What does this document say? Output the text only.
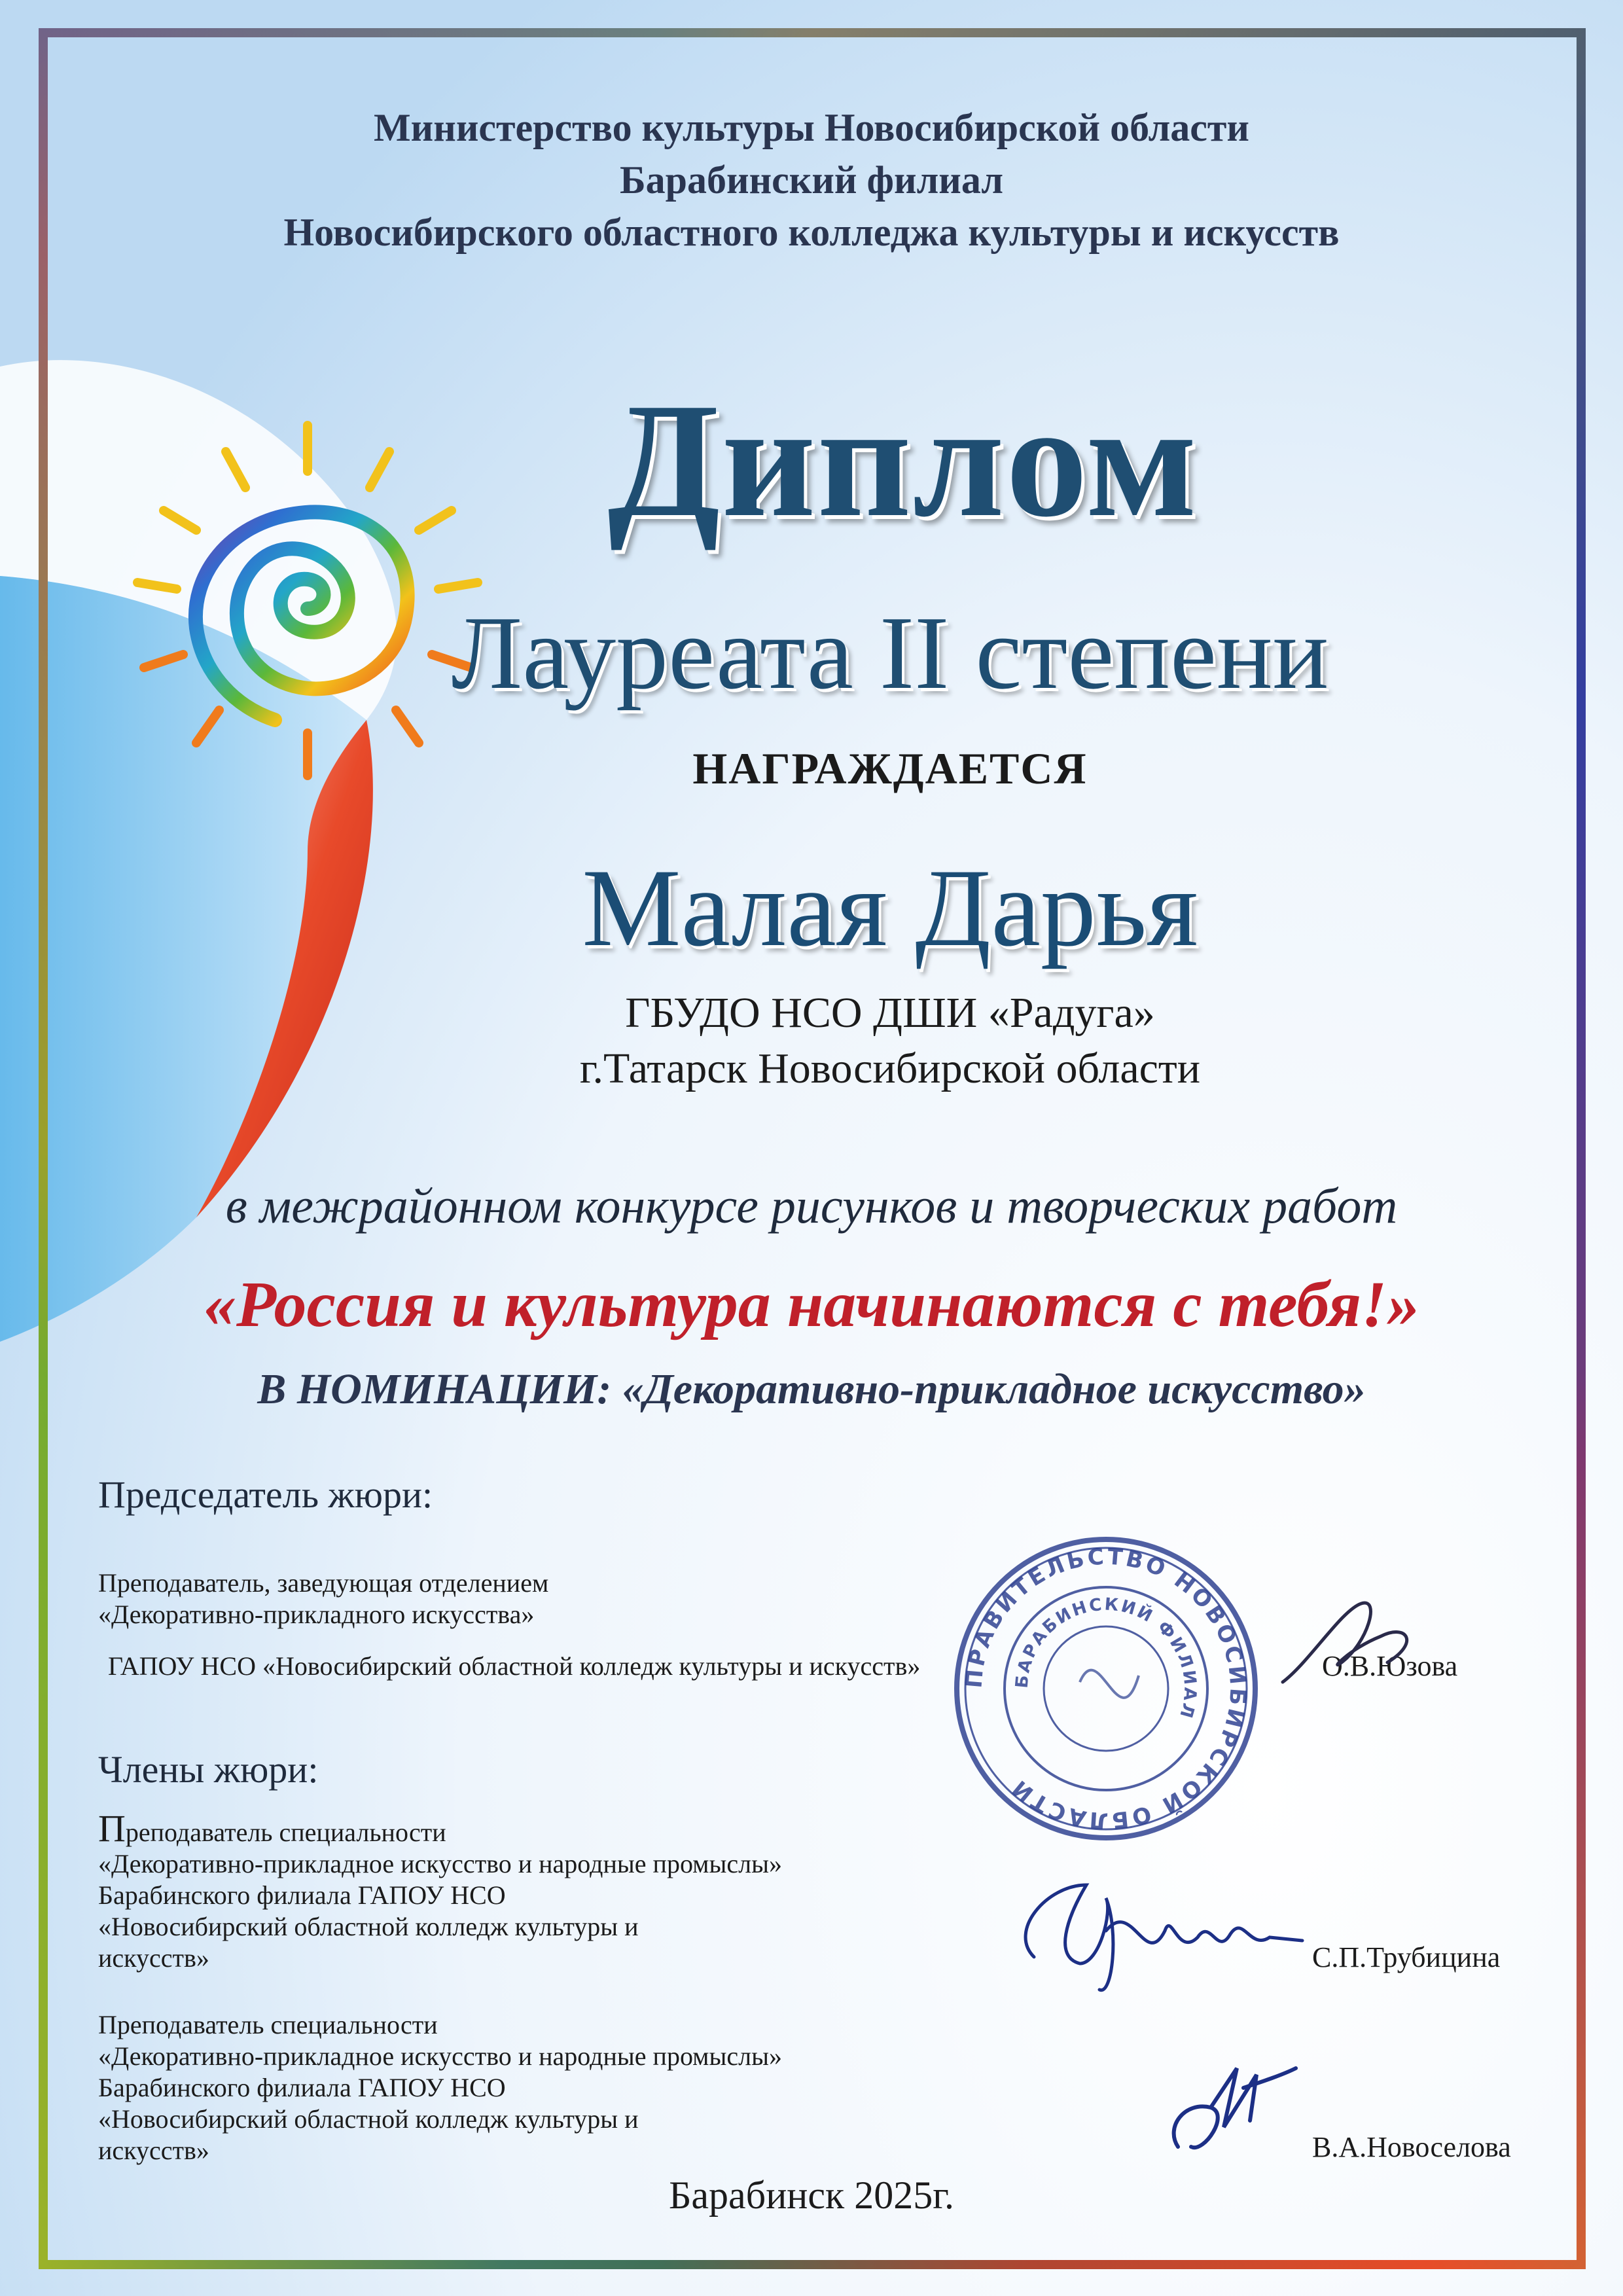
Министерство культуры Новосибирской области
Барабинский филиал
Новосибирского областного колледжа культуры и искусств
Диплом
Лауреата II степени
НАГРАЖДАЕТСЯ
Малая Дарья
ГБУДО НСО ДШИ «Радуга»
г.Татарск Новосибирской области
в межрайонном конкурсе рисунков и творческих работ
«Россия и культура начинаются с тебя!»
В НОМИНАЦИИ: «Декоративно-прикладное искусство»
Председатель жюри:
Преподаватель, заведующая отделением
«Декоративно-прикладного искусства»
ГАПОУ НСО «Новосибирский областной колледж культуры и искусств»	О.В.Юзова
Члены жюри:
Преподаватель специальности
«Декоративно-прикладное искусство и народные промыслы»
Барабинского филиала ГАПОУ НСО
«Новосибирский областной колледж культуры и
искусств»	С.П.Трубицина
Преподаватель специальности
«Декоративно-прикладное искусство и народные промыслы»
Барабинского филиала ГАПОУ НСО
«Новосибирский областной колледж культуры и
искусств»	В.А.Новоселова
ПРАВИТЕЛЬСТВО НОВОСИБИРСКОЙ ОБЛАСТИ
БАРАБИНСКИЙ ФИЛИАЛ
Барабинск 2025г.
